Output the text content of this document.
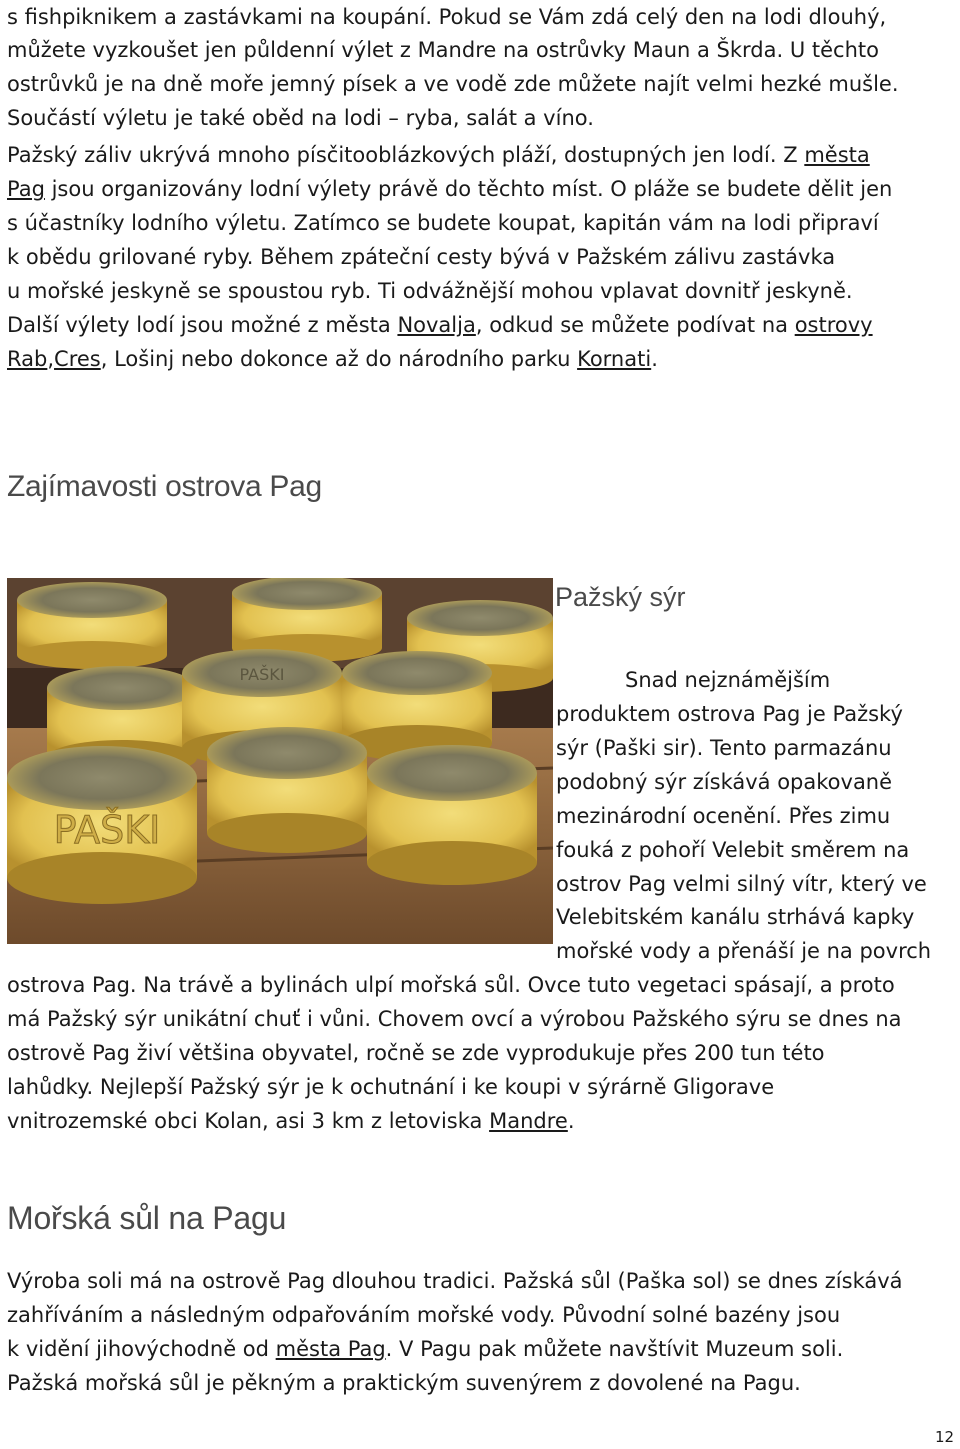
s fishpiknikem a zastávkami na koupání. Pokud se Vám zdá celý den na lodi dlouhý,
můžete vyzkoušet jen půldenní výlet z Mandre na ostrůvky Maun a Škrda. U těchto
ostrůvků je na dně moře jemný písek a ve vodě zde můžete najít velmi hezké mušle.
Součástí výletu je také oběd na lodi – ryba, salát a víno.
Pažský záliv ukrývá mnoho písčitooblázkových pláží, dostupných jen lodí. Z města
Pag jsou organizovány lodní výlety právě do těchto míst. O pláže se budete dělit jen
s účastníky lodního výletu. Zatímco se budete koupat, kapitán vám na lodi připraví
k obědu grilované ryby. Během zpáteční cesty bývá v Pažském zálivu zastávka
u mořské jeskyně se spoustou ryb. Ti odvážnější mohou vplavat dovnitř jeskyně.
Další výlety lodí jsou možné z města Novalja, odkud se můžete podívat na ostrovy
Rab,Cres, Lošinj nebo dokonce až do národního parku Kornati.
Zajímavosti ostrova Pag
PAŠKI
PAŠKI
Pažský sýr
Snad nejznámějším
produktem ostrova Pag je Pažský
sýr (Paški sir). Tento parmazánu
podobný sýr získává opakovaně
mezinárodní ocenění. Přes zimu
fouká z pohoří Velebit směrem na
ostrov Pag velmi silný vítr, který ve
Velebitském kanálu strhává kapky
mořské vody a přenáší je na povrch
ostrova Pag. Na trávě a bylinách ulpí mořská sůl. Ovce tuto vegetaci spásají, a proto
má Pažský sýr unikátní chuť i vůni. Chovem ovcí a výrobou Pažského sýru se dnes na
ostrově Pag živí většina obyvatel, ročně se zde vyprodukuje přes 200 tun této
lahůdky. Nejlepší Pažský sýr je k ochutnání i ke koupi v sýrárně Gligorave
vnitrozemské obci Kolan, asi 3 km z letoviska Mandre.
Mořská sůl na Pagu
Výroba soli má na ostrově Pag dlouhou tradici. Pažská sůl (Paška sol) se dnes získává
zahříváním a následným odpařováním mořské vody. Původní solné bazény jsou
k vidění jihovýchodně od města Pag. V Pagu pak můžete navštívit Muzeum soli.
Pažská mořská sůl je pěkným a praktickým suvenýrem z dovolené na Pagu.
12
